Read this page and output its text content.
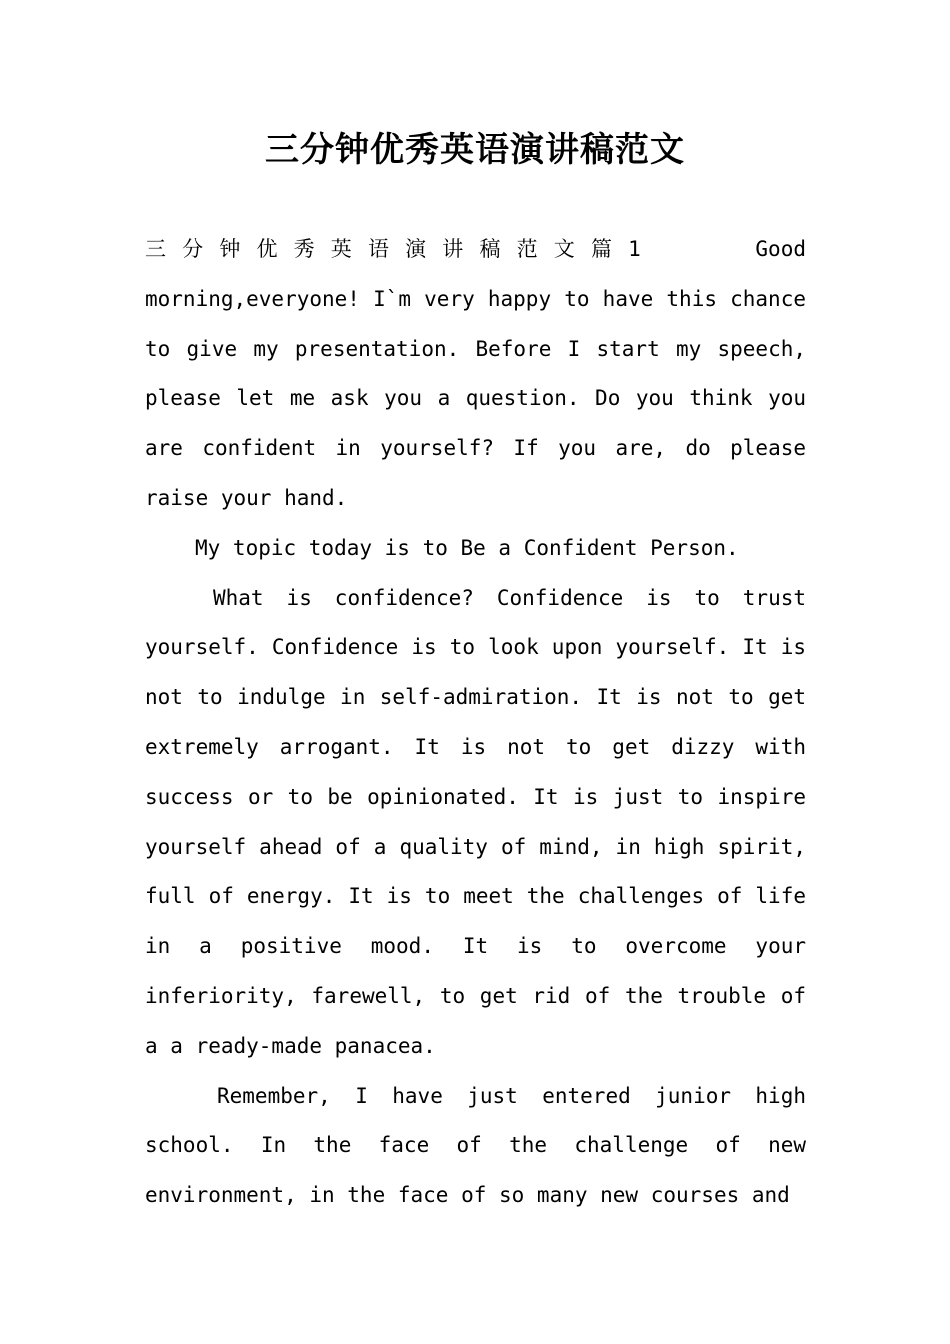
三分钟优秀英语演讲稿范文

三分钟优秀英语演讲稿范文篇1	Good morning,everyone! I`m very happy to have this chance to give my presentation. Before I start my speech, please let me ask you a question. Do you think you are confident in yourself? If you are, do please raise your hand.

My topic today is to Be a Confident Person.

What is confidence? Confidence is to trust yourself. Confidence is to look upon yourself. It is not to indulge in self-admiration. It is not to get extremely arrogant. It is not to get dizzy with success or to be opinionated. It is just to inspire yourself ahead of a quality of mind, in high spirit, full of energy. It is to meet the challenges of life in a positive mood. It is to overcome your inferiority, farewell, to get rid of the trouble of a a ready-made panacea.

Remember, I have just entered junior high school. In the face of the challenge of new environment, in the face of so many new courses and
